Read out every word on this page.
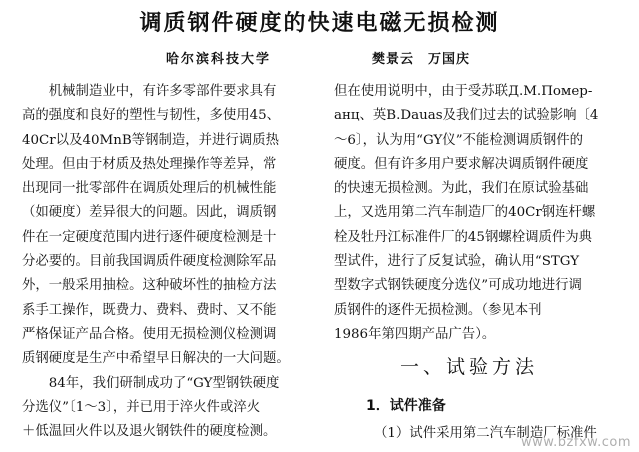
调质钢件硬度的快速电磁无损检测
哈尔滨科技大学	樊景云　万国庆
　　机械制造业中，有许多零部件要求具有
高的强度和良好的塑性与韧性，多使用45、
40Cr以及40MnB等钢制造，并进行调质热
处理。但由于材质及热处理操作等差异，常
出现同一批零部件在调质处理后的机械性能
（如硬度）差异很大的问题。因此，调质钢
件在一定硬度范围内进行逐件硬度检测是十
分必要的。目前我国调质件硬度检测除军品
外，一般采用抽检。这种破坏性的抽检方法
系手工操作，既费力、费料、费时、又不能
严格保证产品合格。使用无损检测仪检测调
质钢硬度是生产中希望早日解决的一大问题。
　　84年，我们研制成功了“GY型钢铁硬度
分选仪”〔1～3〕，并已用于淬火件或淬火
＋低温回火件以及退火钢铁件的硬度检测。
但在使用说明中，由于受苏联Д.М.Помер-
анц、英B.Dauas及我们过去的试验影响〔4
～6〕，认为用“GY仪”不能检测调质钢件的
硬度。但有许多用户要求解决调质钢件硬度
的快速无损检测。为此，我们在原试验基础
上，又选用第二汽车制造厂的40Cr钢连杆螺
栓及牡丹江标准件厂的45钢螺栓调质件为典
型试件，进行了反复试验，确认用“STGY
型数字式钢铁硬度分选仪”可成功地进行调
质钢件的逐件无损检测。（参见本刊
1986年第四期产品广告）。
一、试验方法
1．试件准备
（1）试件采用第二汽车制造厂标准件
www.bzfxw.com
